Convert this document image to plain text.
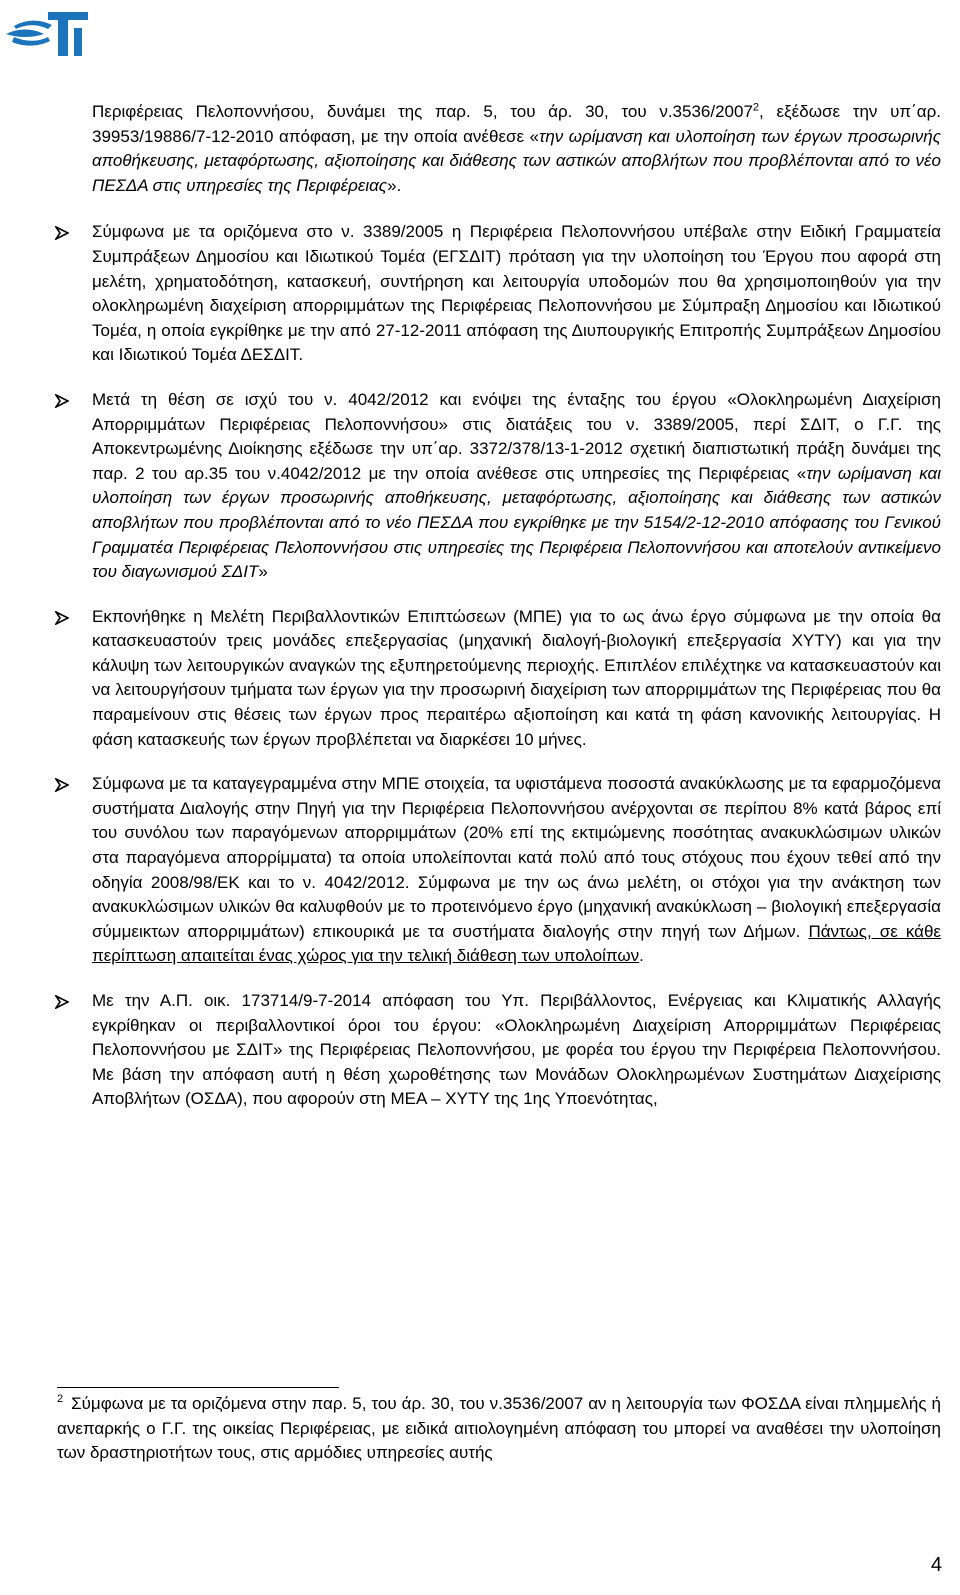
Περιφέρειας Πελοποννήσου, δυνάμει της παρ. 5, του άρ. 30, του ν.3536/2007$^2$, εξέδωσε την υπ΄αρ. 39953/19886/7-12-2010 απόφαση, με την οποία ανέθεσε «την ωρίμανση και υλοποίηση των έργων προσωρινής αποθήκευσης, μεταφόρτωσης, αξιοποίησης και διάθεσης των αστικών αποβλήτων που προβλέπονται από το νέο ΠΕΣΔΑ στις υπηρεσίες της Περιφέρειας».

Σύμφωνα με τα οριζόμενα στο ν. 3389/2005 η Περιφέρεια Πελοποννήσου υπέβαλε στην Ειδική Γραμματεία Συμπράξεων Δημοσίου και Ιδιωτικού Τομέα (ΕΓΣΔΙΤ) πρόταση για την υλοποίηση του Έργου που αφορά στη μελέτη, χρηματοδότηση, κατασκευή, συντήρηση και λειτουργία υποδομών που θα χρησιμοποιηθούν για την ολοκληρωμένη διαχείριση απορριμμάτων της Περιφέρειας Πελοποννήσου με Σύμπραξη Δημοσίου και Ιδιωτικού Τομέα, η οποία εγκρίθηκε με την από 27-12-2011 απόφαση της Διυπουργικής Επιτροπής Συμπράξεων Δημοσίου και Ιδιωτικού Τομέα ΔΕΣΔΙΤ.

Μετά τη θέση σε ισχύ του ν. 4042/2012 και ενόψει της ένταξης του έργου «Ολοκληρωμένη Διαχείριση Απορριμμάτων Περιφέρειας Πελοποννήσου» στις διατάξεις του ν. 3389/2005, περί ΣΔΙΤ, ο Γ.Γ. της Αποκεντρωμένης Διοίκησης εξέδωσε την υπ΄αρ. 3372/378/13-1-2012 σχετική διαπιστωτική πράξη δυνάμει της παρ. 2 του αρ.35 του ν.4042/2012 με την οποία ανέθεσε στις υπηρεσίες της Περιφέρειας «την ωρίμανση και υλοποίηση των έργων προσωρινής αποθήκευσης, μεταφόρτωσης, αξιοποίησης και διάθεσης των αστικών αποβλήτων που προβλέπονται από το νέο ΠΕΣΔΑ που εγκρίθηκε με την 5154/2-12-2010 απόφασης του Γενικού Γραμματέα Περιφέρειας Πελοποννήσου στις υπηρεσίες της Περιφέρεια Πελοποννήσου και αποτελούν αντικείμενο του διαγωνισμού ΣΔΙΤ»

Εκπονήθηκε η Μελέτη Περιβαλλοντικών Επιπτώσεων (ΜΠΕ) για το ως άνω έργο σύμφωνα με την οποία θα κατασκευαστούν τρεις μονάδες επεξεργασίας (μηχανική διαλογή-βιολογική επεξεργασία ΧΥΤΥ) και για την κάλυψη των λειτουργικών αναγκών της εξυπηρετούμενης περιοχής. Επιπλέον επιλέχτηκε να κατασκευαστούν και να λειτουργήσουν τμήματα των έργων για την προσωρινή διαχείριση των απορριμμάτων της Περιφέρειας που θα παραμείνουν στις θέσεις των έργων προς περαιτέρω αξιοποίηση και κατά τη φάση κανονικής λειτουργίας. Η φάση κατασκευής των έργων προβλέπεται να διαρκέσει 10 μήνες.

Σύμφωνα με τα καταγεγραμμένα στην ΜΠΕ στοιχεία, τα υφιστάμενα ποσοστά ανακύκλωσης με τα εφαρμοζόμενα συστήματα Διαλογής στην Πηγή για την Περιφέρεια Πελοποννήσου ανέρχονται σε περίπου 8% κατά βάρος επί του συνόλου των παραγόμενων απορριμμάτων (20% επί της εκτιμώμενης ποσότητας ανακυκλώσιμων υλικών στα παραγόμενα απορρίμματα) τα οποία υπολείπονται κατά πολύ από τους στόχους που έχουν τεθεί από την οδηγία 2008/98/ΕΚ και το ν. 4042/2012. Σύμφωνα με την ως άνω μελέτη, οι στόχοι για την ανάκτηση των ανακυκλώσιμων υλικών θα καλυφθούν με το προτεινόμενο έργο (μηχανική ανακύκλωση – βιολογική επεξεργασία σύμμεικτων απορριμμάτων) επικουρικά με τα συστήματα διαλογής στην πηγή των Δήμων. Πάντως, σε κάθε περίπτωση απαιτείται ένας χώρος για την τελική διάθεση των υπολοίπων.

Με την Α.Π. οικ. 173714/9-7-2014 απόφαση του Υπ. Περιβάλλοντος, Ενέργειας και Κλιματικής Αλλαγής εγκρίθηκαν οι περιβαλλοντικοί όροι του έργου: «Ολοκληρωμένη Διαχείριση Απορριμμάτων Περιφέρειας Πελοποννήσου με ΣΔΙΤ» της Περιφέρειας Πελοποννήσου, με φορέα του έργου την Περιφέρεια Πελοποννήσου. Με βάση την απόφαση αυτή η θέση χωροθέτησης των Μονάδων Ολοκληρωμένων Συστημάτων Διαχείρισης Αποβλήτων (ΟΣΔΑ), που αφορούν στη ΜΕΑ – ΧΥΤΥ της 1ης Υποενότητας,

$^2$ Σύμφωνα με τα οριζόμενα στην παρ. 5, του άρ. 30, του ν.3536/2007 αν η λειτουργία των ΦΟΣΔΑ είναι πλημμελής ή ανεπαρκής ο Γ.Γ. της οικείας Περιφέρειας, με ειδικά αιτιολογημένη απόφαση του μπορεί να αναθέσει την υλοποίηση των δραστηριοτήτων τους, στις αρμόδιες υπηρεσίες αυτής
4
